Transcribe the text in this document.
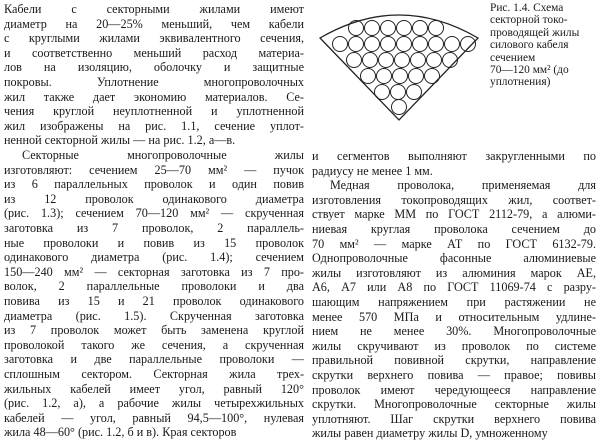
Рис. 1.4. Схема
секторной токо-
проводящей жилы
силового кабеля
сечением
70—120 мм² (до
уплотнения)
Кабели с секторными жилами имеют
диаметр на 20—25% меньший, чем кабели
с круглыми жилами эквивалентного сечения,
и соответственно меньший расход материа-
лов на изоляцию, оболочку и защитные
покровы. Уплотнение многопроволочных
жил также дает экономию материалов. Се-
чения круглой неуплотненной и уплотненной
жил изображены на рис. 1.1, сечение уплот-
ненной секторной жилы — на рис. 1.2, а—в.
Секторные многопроволочные жилы
изготовляют: сечением 25—70 мм² — пучок
из 6 параллельных проволок и один повив
из 12 проволок одинакового диаметра
(рис. 1.3); сечением 70—120 мм² — скрученная
заготовка из 7 проволок, 2 параллель-
ные проволоки и повив из 15 проволок
одинакового диаметра (рис. 1.4); сечением
150—240 мм² — секторная заготовка из 7 про-
волок, 2 параллельные проволоки и два
повива из 15 и 21 проволок одинакового
диаметра (рис. 1.5). Скрученная заготовка
из 7 проволок может быть заменена круглой
проволокой такого же сечения, а скрученная
заготовка и две параллельные проволоки —
сплошным сектором. Секторная жила трех-
жильных кабелей имеет угол, равный 120°
(рис. 1.2, а), а рабочие жилы четырехжильных
кабелей — угол, равный 94,5—100°, нулевая
жила 48—60° (рис. 1.2, б и в). Края секторов
и сегментов выполняют закругленными по
радиусу не менее 1 мм.
Медная проволока, применяемая для
изготовления токопроводящих жил, соответ-
ствует марке ММ по ГОСТ 2112-79, а алюми-
ниевая круглая проволока сечением до
70 мм² — марке АТ по ГОСТ 6132-79.
Однопроволочные фасонные алюминиевые
жилы изготовляют из алюминия марок АЕ,
А6, А7 или А8 по ГОСТ 11069-74 с разру-
шающим напряжением при растяжении не
менее 570 МПа и относительным удлине-
нием не менее 30%. Многопроволочные
жилы скручивают из проволок по системе
правильной повивной скрутки, направление
скрутки верхнего повива — правое; повивы
проволок имеют чередующееся направление
скрутки. Многопроволочные секторные жилы
уплотняют. Шаг скрутки верхнего повива
жилы равен диаметру жилы D, умноженному
